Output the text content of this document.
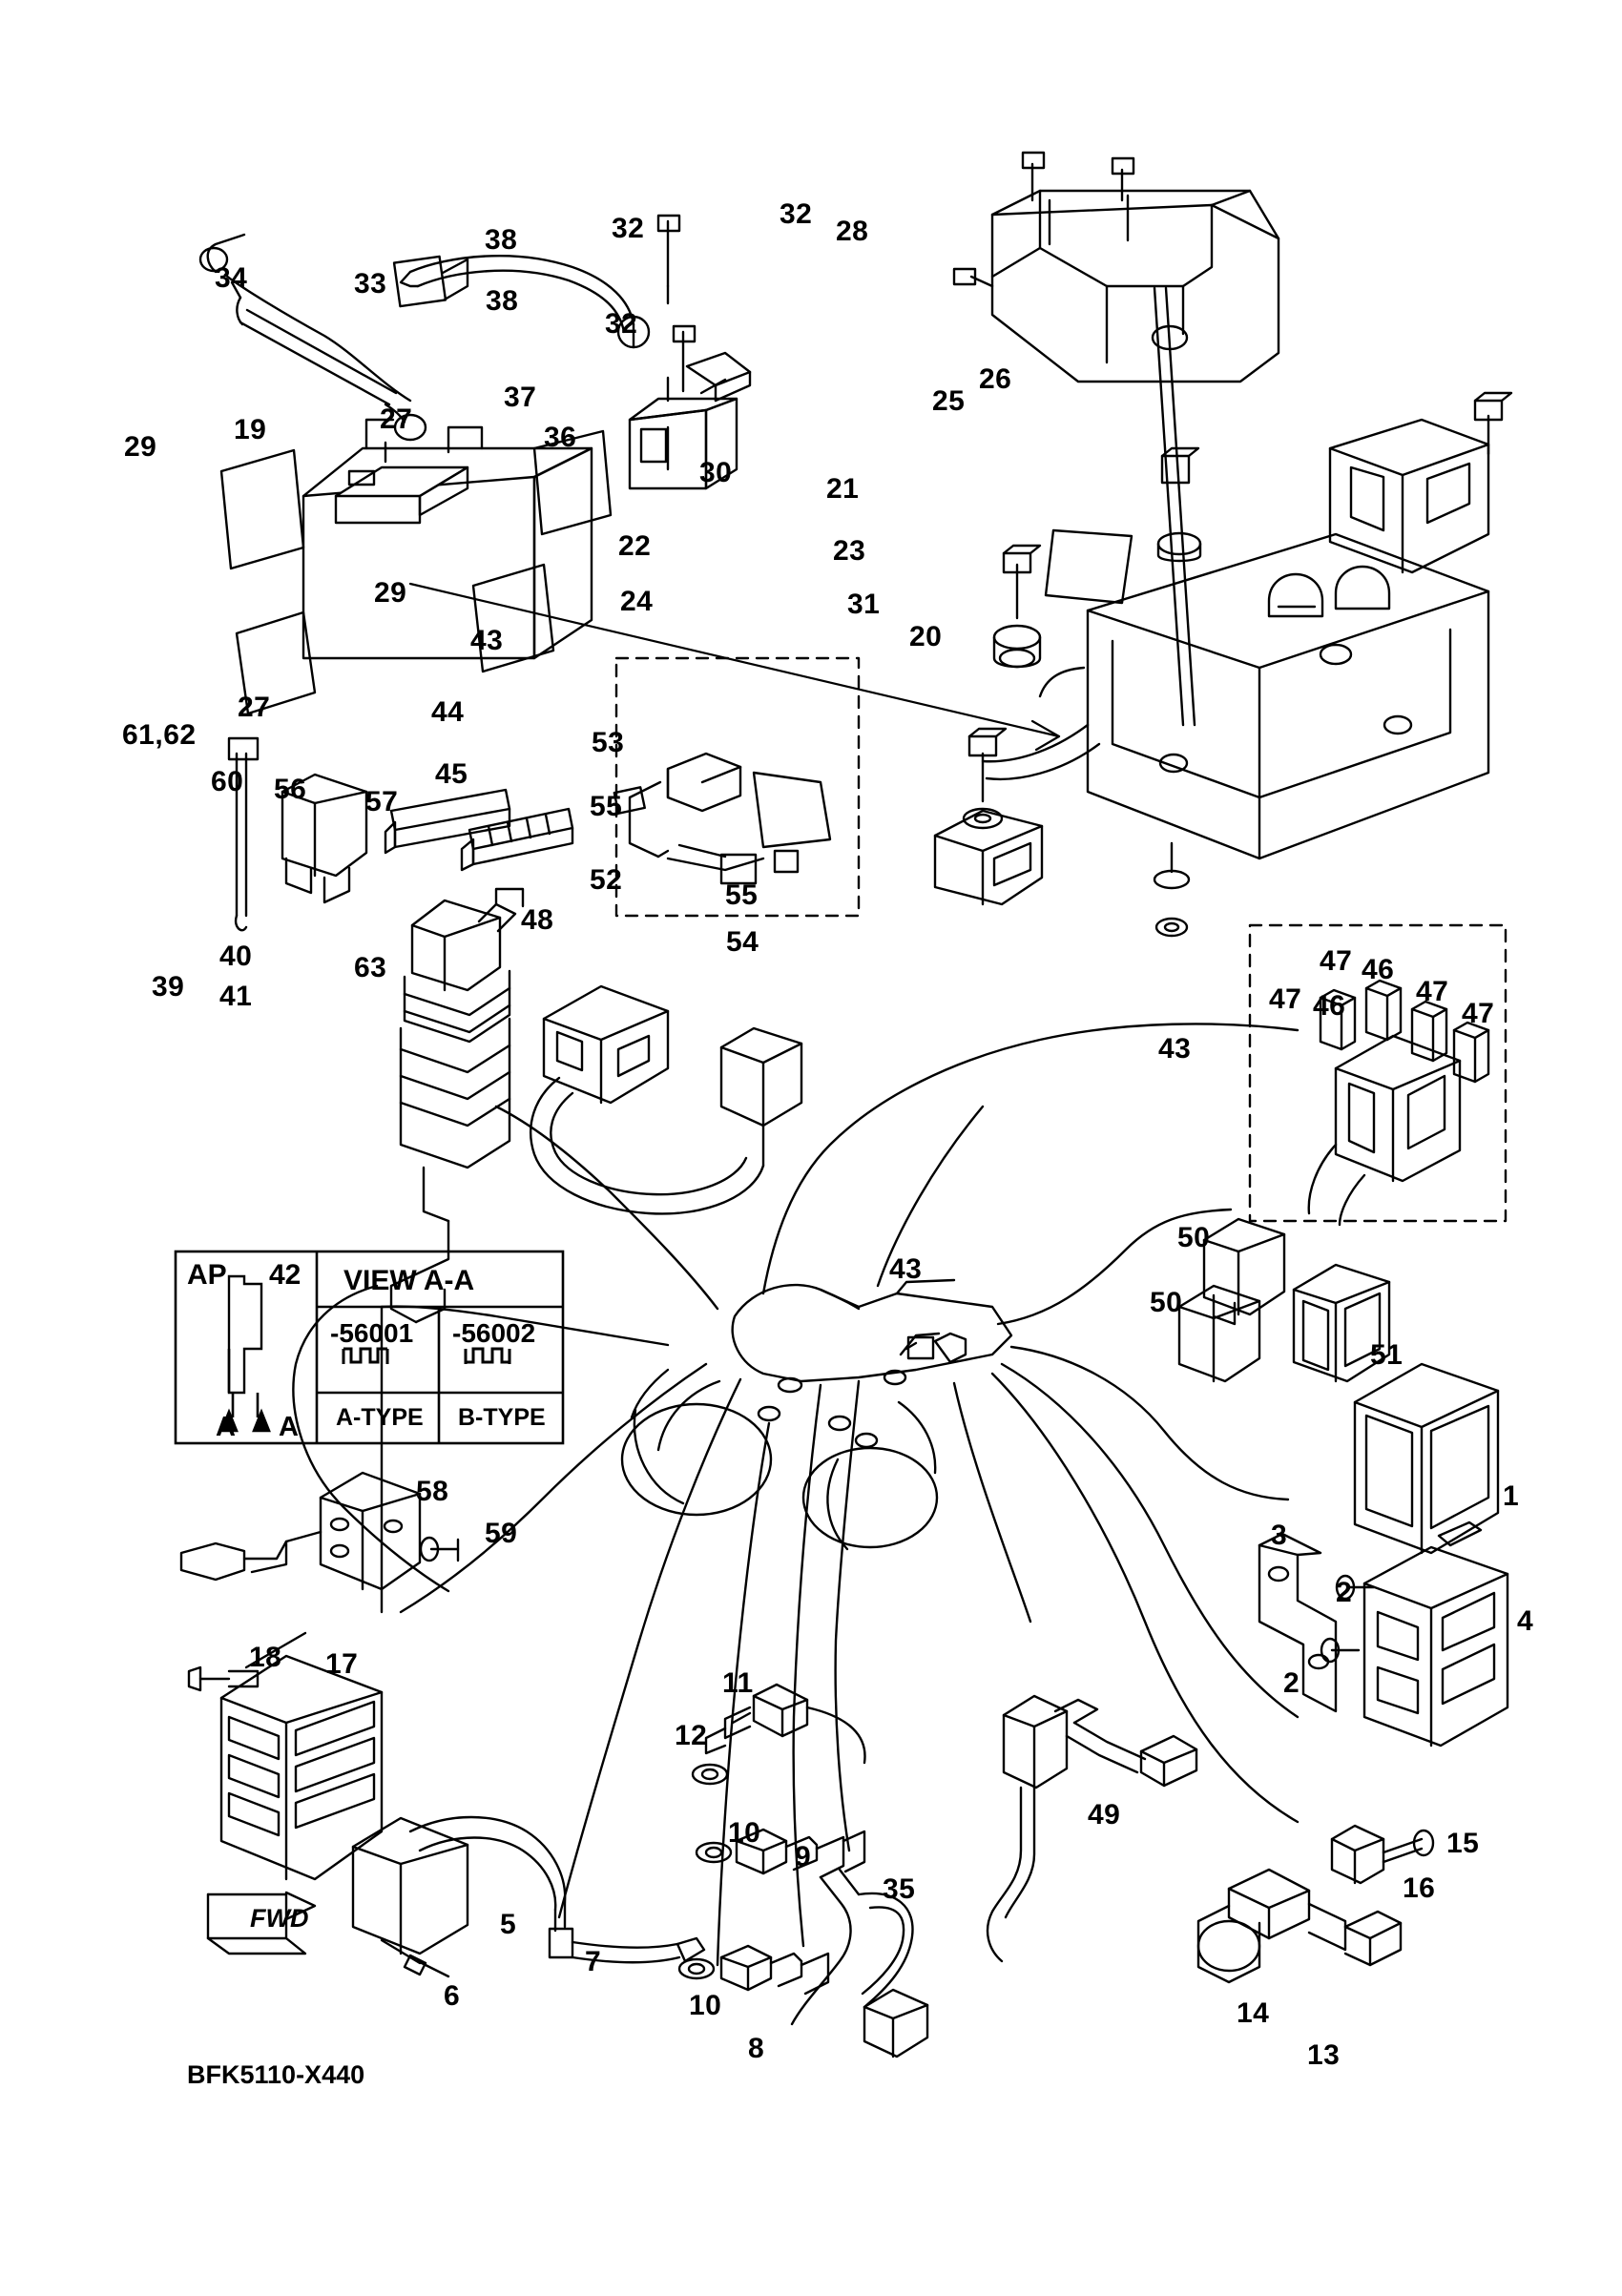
AP 42 VIEW A-A
-56001 -56002
A-TYPE B-TYPE
A A
FWD
BFK5110-X440
38
34	33
38
32	32
28
32
37
36
27
19
29
26
25
21
30
23
22
24	31
20
29
27
43
44
45
53
55
52
48
55
54
61,62
60 56 57
40
39 41
63	47 46
47
47 46	47
43
43
50
50
51
1
3
4
2
2
58
59
18 17
11
12
49
15
16
10
9
35
5
6
7
10
8
14
13
